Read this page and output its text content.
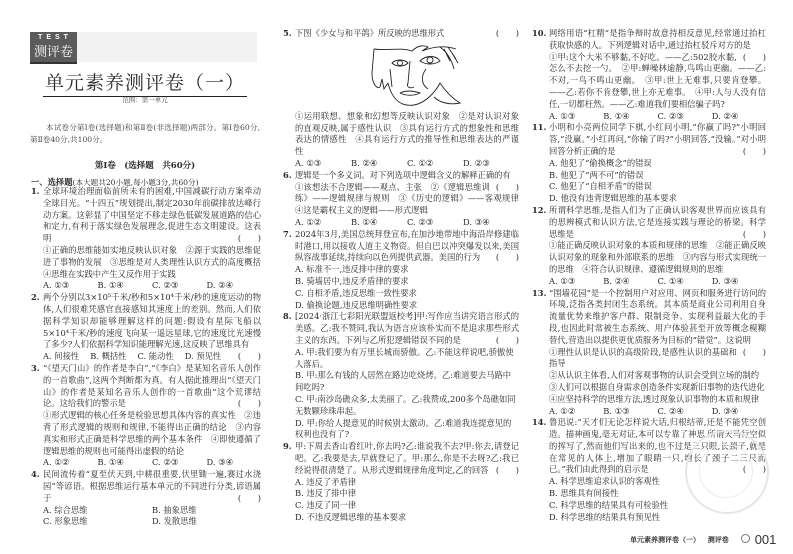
TEST
测评卷
单元素养测评卷（一）
范围：第一单元
本试卷分第Ⅰ卷(选择题)和第Ⅱ卷(非选择题)两部分。第Ⅰ卷60分,第Ⅱ卷40分,共100分。
第Ⅰ卷　(选择题　共60分)
一、选择题(本大题共20小题,每小题3分,共60分)
1. 全球环境治理面临前所未有的困难,中国减碳行动方案牵动全球目光。“十四五”规划提出,制定2030年前碳排放达峰行动方案。这彰显了中国坚定不移走绿色低碳发展道路的信心和定力,有利于落实绿色发展理念,促进生态文明建设。这表明	(　　)
①正确的思维能如实地反映认识对象　 ②源于实践的思维促进了事物的发展　 ③思维是对人类理性认识方式的高度概括　④思维在实践中产生又反作用于实践
A. ①③	B. ①④	C. ②③	D. ②④
2. 两个分别以3×10⁵千米/秒和5×10⁴千米/秒的速度运动的物体,人们很难凭感官直接感知其速度上的差别。然而,人们依据科学知识却能够理解这样的问题:假设有星际飞船以5×10⁴千米/秒的速度飞向某一遥远星球,它的速度比光速慢了多少?人们依据科学知识能理解光速,这反映了思维具有
(　　)
A. 间接性	B. 概括性	C. 能动性	D. 预见性
3. “《望天门山》的作者是李白”,“《李白》是某知名音乐人创作的一首歌曲”,这两个判断都为真。有人据此推理出“《望天门山》的作者是某知名音乐人创作的一首歌曲”这个荒谬结论。这给我们的警示是	(　　)
①形式逻辑的核心任务是检验思想具体内容的真实性　 ②违背了形式逻辑的规则和规律,不能得出正确的结论　 ③内容真实和形式正确是科学思维的两个基本条件　 ④即使遵循了逻辑思维的规则也可能得出虚假的结论
A. ①②	B. ①④	C. ②③	D. ③④
4. 民间流传着“夏至伏天到,中耕很重要,伏里锄一遍,赛过水浇园”等谚语。根据思维运行基本单元的不同进行分类,谚语属于	(　　)
A. 综合思维	B. 抽象思维
C. 形象思维	D. 发散思维
5. 下图《少女与和平鸽》所反映的思维形式	(　　)
①运用联想、想象和幻想等反映认识对象　 ②是对认识对象的直观反映,属于感性认识　 ③具有运行方式的想象性和思维表达的情感性　 ④具有运行方式的推导性和思维表达的严谨性
A. ①③	B. ②④	C. ①②	D. ②③
6. 逻辑是一个多义词。对下列选项中逻辑含义的解释正确的有
(　　)
①该想法不合逻辑——观点、主张　 ②《逻辑思维训练》——逻辑规律与规则　 ③《历史的逻辑》——客观规律　④这是霸权主义的逻辑——形式逻辑
A. ①②	B. ①④	C. ②③	D. ③④
7. 2024年3月,美国总统拜登宣布,在加沙地带地中海沿岸修建临时港口,用以接收人道主义物资。但自巴以冲突爆发以来,美国纵容战事延续,持续向以色列提供武器。美国的行为	(　　)
A. 标准不一,违反排中律的要求
B. 骑墙居中,违反矛盾律的要求
C. 自相矛盾,违反思维一致性要求
D. 偷换论题,违反思维明确性要求
8. [2024·浙江七彩阳光联盟返校考]甲:写作应当讲究语言形式的美感。乙:我不赞同,我认为语言应该朴实而不是追求那些形式主义的东西。下列与乙所犯逻辑错误不同的是	(　　)
A. 甲:我们要为有万里长城而骄傲。乙:不能这样说吧,骄傲使人落后。
B. 甲:那么有钱的人居然在路边吃烧烤。乙:难道要去马路中间吃吗?
C. 甲:南沙岛礁众多,太美丽了。乙:我赞成,200多个岛礁如同无数颗珍珠串起。
D. 甲:你给人提意见的时候别太激动。乙:难道我连提意见的权利也没有了?
9. 甲:下周去香山看红叶,你去吗?乙:谁说我不去?甲:你去,请登记吧。乙:我要是去,早就登记了。甲:那么,你是不去呀?乙:我已经说得很清楚了。从形式逻辑规律角度判定,乙的回答 (　　)
A. 违反了矛盾律
B. 违反了排中律
C. 违反了同一律
D. 不违反逻辑思维的基本要求
10. 网络用语“杠精”是指争辩时故意持相反意见,经常通过抬杠获取快感的人。下列逻辑对话中,通过抬杠驳斥对方的是
(　　)
①甲:这个大米不够黏,不好吃。——乙:502胶水黏,怎么不去挖一勺。　 ②甲:蝉噪林逾静,鸟鸣山更幽。——乙:不对,一鸟不鸣山更幽。　 ③甲:世上无难事,只要肯登攀。——乙:若你不肯登攀,世上亦无难事。　 ④甲:人与人没有信任,一切都枉然。——乙:难道我们要相信骗子吗?
A. ①③	B. ①④	C. ②③	D. ②④
11. 小明和小亮两位同学下棋,小红问小明,“你赢了吗?”小明回答,“没赢。”小红再问,“你输了吗?”小明回答,“没输。”对小明回答分析正确的是	(　　)
A. 他犯了“偷换概念”的错误
B. 他犯了“两不可”的错误
C. 他犯了“自相矛盾”的错误
D. 他没有违背逻辑思维的基本要求
12. 所谓科学思维,是指人们为了正确认识客观世界而应该具有的思辨模式和认识方法,它是连接实践与理论的桥梁。科学思维是	(　　)
①能正确反映认识对象的本质和规律的思维　 ②能正确反映认识对象的现象和外部联系的思维　 ③内容与形式实现统一的思维　 ④符合认识规律、遵循逻辑规则的思维
A. ①③	B. ②④	C. ①④	D. ③④
13. “围墙花园”是一个控制用户对应用、网页和服务进行访问的环境,泛指各类封闭生态系统。其本质是商业公司利用自身流量优势来维护客户群、限制竞争、实现利益最大化的手段,也因此时常被生态系统、用户体验甚至开放等概念模糊替代,营造出以提供更优质服务为目标的“错觉”。这说明
(　　)
①理性认识是认识的高级阶段,是感性认识的基础和指导
②从认识主体看,人们对客观事物的认识会受到立场的制约
③人们可以根据自身需求创造条件实现新旧事物的迭代进化
④应坚持科学的思维方法,透过现象认识事物的本质和规律
A. ①②	B. ①③	C. ②④	D. ③④
14. 鲁迅说:“天才们无论怎样说大话,归根结蒂,还是不能凭空创造。描神画鬼,毫无对证,本可以专靠了神思,所谓天马行空似的挥写了,然而他们写出来的,也不过是三只眼,长颈子,就是在常见的人体上,增加了眼睛一只,增长了颈子二三尺而已。”我们由此得到的启示是	(　　)
A. 科学思维追求认识的客观性
B. 思维具有间接性
C. 科学思维的结果具有可检验性
D. 科学思维的结果具有预见性
单元素养测评卷（一） 测评卷 001
